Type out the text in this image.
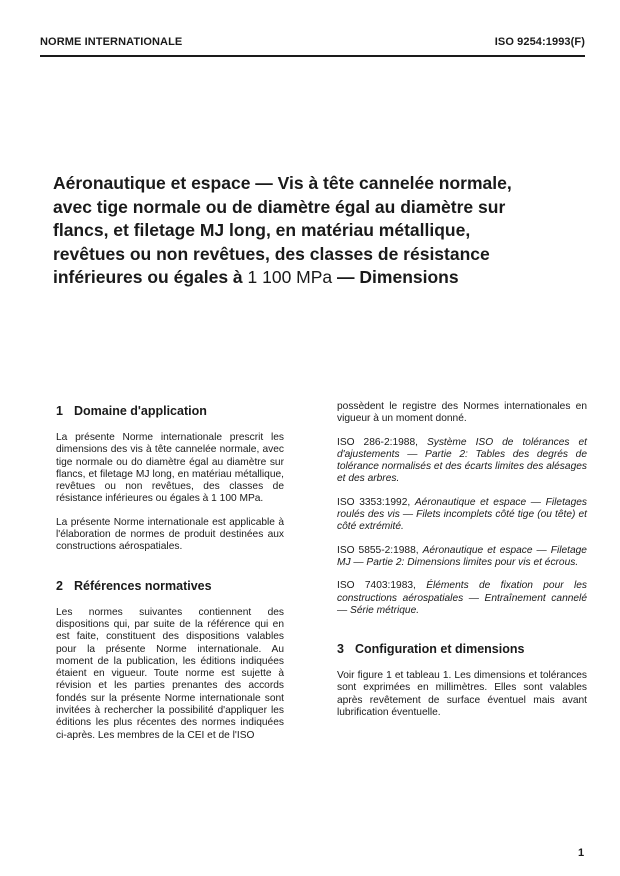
NORME INTERNATIONALE	ISO 9254:1993(F)
Aéronautique et espace — Vis à tête cannelée normale,
avec tige normale ou de diamètre égal au diamètre sur
flancs, et filetage MJ long, en matériau métallique,
revêtues ou non revêtues, des classes de résistance
inférieures ou égales à 1 100 MPa — Dimensions
1 Domaine d'application

La présente Norme internationale prescrit les dimensions des vis à tête cannelée normale, avec tige normale ou do diamètre égal au diamètre sur flancs, et filetage MJ long, en matériau métallique, revêtues ou non revêtues, des classes de résistance inférieures ou égales à 1 100 MPa.

La présente Norme internationale est applicable à l'élaboration de normes de produit destinées aux constructions aérospatiales.

2 Références normatives

Les normes suivantes contiennent des dispositions qui, par suite de la référence qui en est faite, constituent des dispositions valables pour la présente Norme internationale. Au moment de la publication, les éditions indiquées étaient en vigueur. Toute norme est sujette à révision et les parties prenantes des accords fondés sur la présente Norme internationale sont invitées à rechercher la possibilité d'appliquer les éditions les plus récentes des normes indiquées ci-après. Les membres de la CEI et de l'ISO

possèdent le registre des Normes internationales en vigueur à un moment donné.

ISO 286-2:1988, Système ISO de tolérances et d'ajustements — Partie 2: Tables des degrés de tolérance normalisés et des écarts limites des alésages et des arbres.

ISO 3353:1992, Aéronautique et espace — Filetages roulés des vis — Filets incomplets côté tige (ou tête) et côté extrémité.

ISO 5855-2:1988, Aéronautique et espace — Filetage MJ — Partie 2: Dimensions limites pour vis et écrous.

ISO 7403:1983, Éléments de fixation pour les constructions aérospatiales — Entraînement cannelé — Série métrique.

3 Configuration et dimensions

Voir figure 1 et tableau 1. Les dimensions et tolérances sont exprimées en millimètres. Elles sont valables après revêtement de surface éventuel mais avant lubrification éventuelle.

1
